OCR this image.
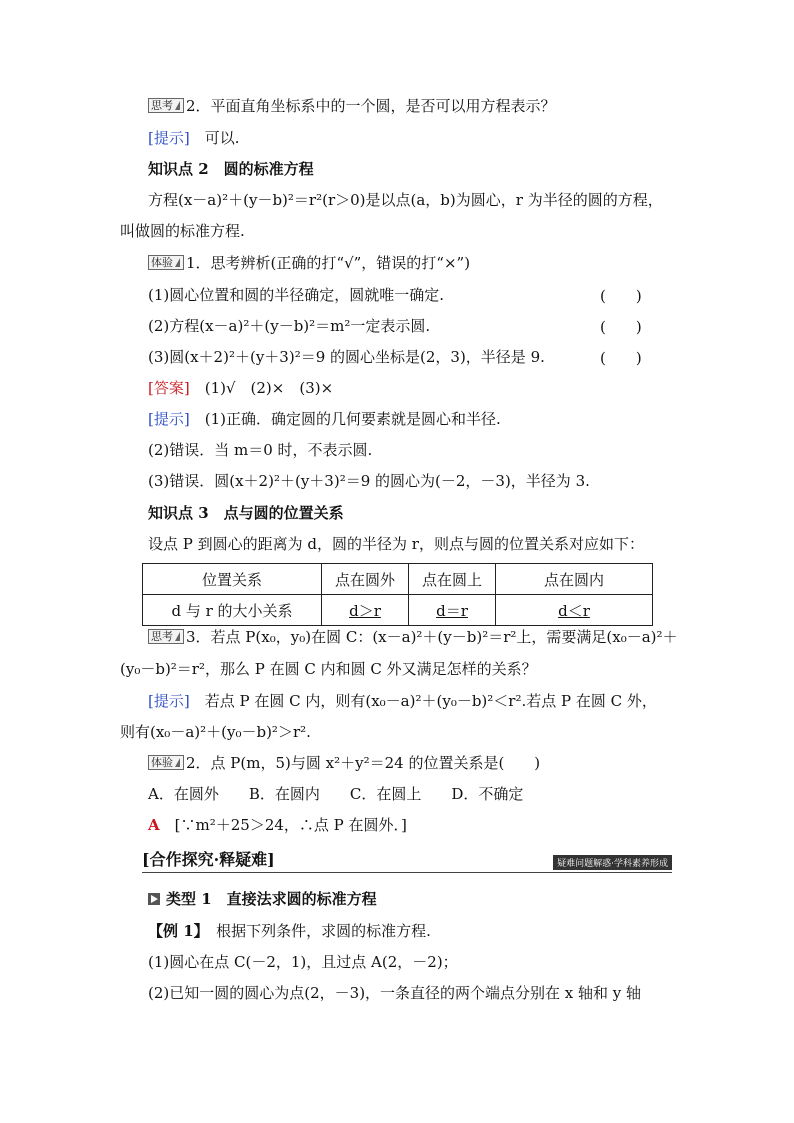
思考 2．平面直角坐标系中的一个圆，是否可以用方程表示？
[提示]　可以.
知识点 2　圆的标准方程
方程(x－a)²＋(y－b)²＝r²(r＞0)是以点(a，b)为圆心，r 为半径的圆的方程，
叫做圆的标准方程.
体验 1．思考辨析(正确的打“√”，错误的打“×”)
(1)圆心位置和圆的半径确定，圆就唯一确定.	(　　)
(2)方程(x－a)²＋(y－b)²＝m²一定表示圆.	(　　)
(3)圆(x＋2)²＋(y＋3)²＝9 的圆心坐标是(2，3)，半径是 9.	(　　)
[答案]　(1)√　(2)×　(3)×
[提示]　(1)正确．确定圆的几何要素就是圆心和半径.
(2)错误．当 m＝0 时，不表示圆.
(3)错误．圆(x＋2)²＋(y＋3)²＝9 的圆心为(－2，－3)，半径为 3.
知识点 3　点与圆的位置关系
设点 P 到圆心的距离为 d，圆的半径为 r，则点与圆的位置关系对应如下：
位置关系	点在圆外	点在圆上	点在圆内
d 与 r 的大小关系	d＞r	d＝r	d＜r
思考 3．若点 P(x₀，y₀)在圆 C：(x－a)²＋(y－b)²＝r²上，需要满足(x₀－a)²＋
(y₀－b)²＝r²，那么 P 在圆 C 内和圆 C 外又满足怎样的关系？
[提示]　若点 P 在圆 C 内，则有(x₀－a)²＋(y₀－b)²＜r².若点 P 在圆 C 外，
则有(x₀－a)²＋(y₀－b)²＞r².
体验 2．点 P(m，5)与圆 x²＋y²＝24 的位置关系是(　　)
A．在圆外　　B．在圆内　　C．在圆上　　D．不确定
A　[∵m²＋25＞24，∴点 P 在圆外．]
[合作探究·释疑难]	疑难问题解惑·学科素养形成
类型 1　直接法求圆的标准方程
【例 1】　根据下列条件，求圆的标准方程.
(1)圆心在点 C(－2，1)，且过点 A(2，－2)；
(2)已知一圆的圆心为点(2，－3)，一条直径的两个端点分别在 x 轴和 y 轴
